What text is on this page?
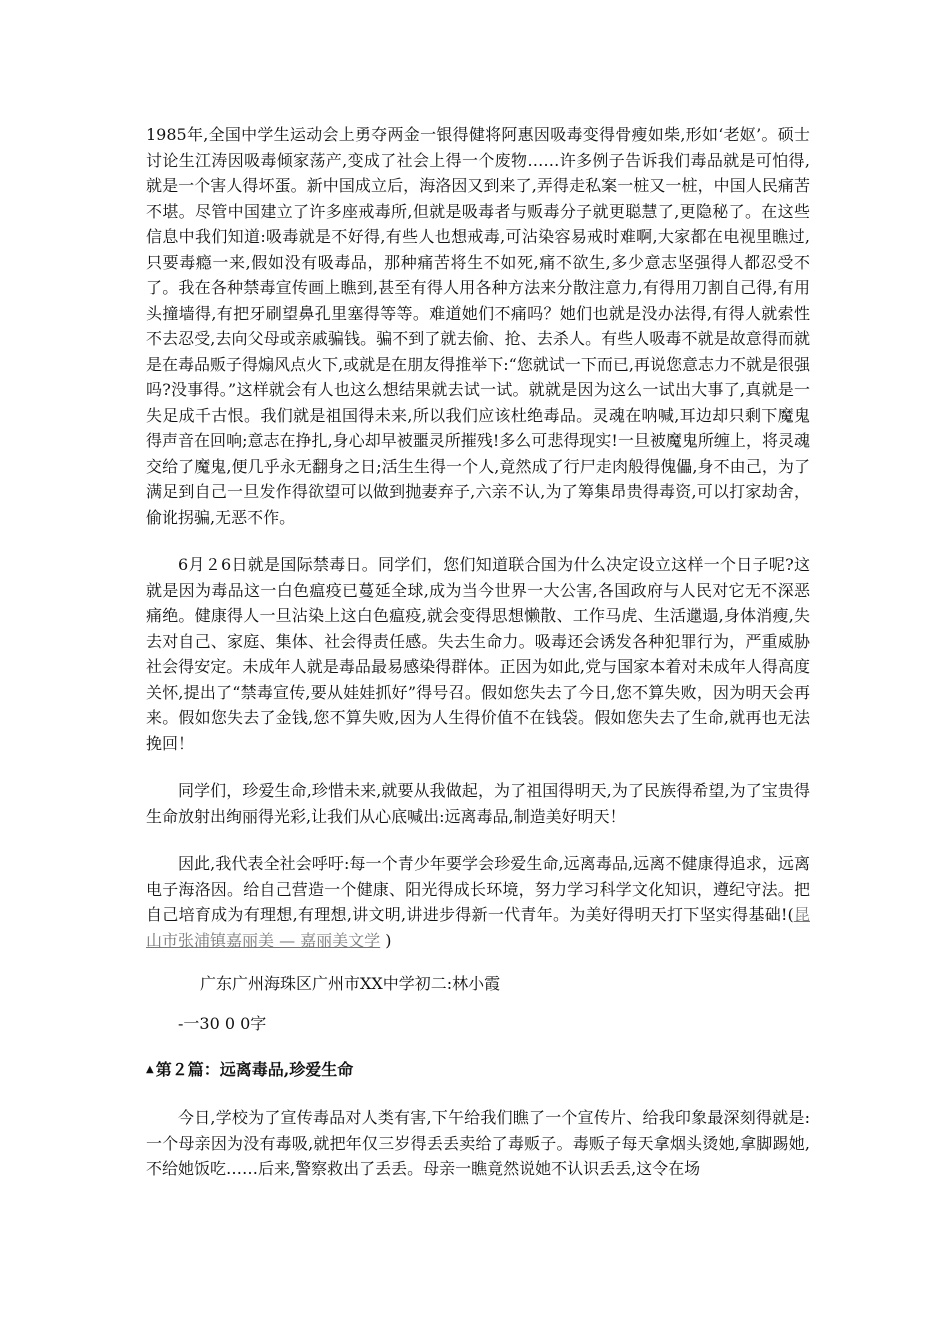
1985年,全国中学生运动会上勇夺两金一银得健将阿惠因吸毒变得骨瘦如柴,形如‘老妪’。硕士讨论生江涛因吸毒倾家荡产,变成了社会上得一个废物……许多例子告诉我们毒品就是可怕得,就是一个害人得坏蛋。新中国成立后，海洛因又到来了,弄得走私案一桩又一桩，中国人民痛苦不堪。尽管中国建立了许多座戒毒所,但就是吸毒者与贩毒分子就更聪慧了,更隐秘了。在这些信息中我们知道:吸毒就是不好得,有些人也想戒毒,可沾染容易戒时难啊,大家都在电视里瞧过,只要毒瘾一来,假如没有吸毒品，那种痛苦将生不如死,痛不欲生,多少意志坚强得人都忍受不了。我在各种禁毒宣传画上瞧到,甚至有得人用各种方法来分散注意力,有得用刀割自己得,有用头撞墙得,有把牙刷望鼻孔里塞得等等。难道她们不痛吗？她们也就是没办法得,有得人就索性不去忍受,去向父母或亲戚骗钱。骗不到了就去偷、抢、去杀人。有些人吸毒不就是故意得而就是在毒品贩子得煽风点火下,或就是在朋友得推举下:“您就试一下而已,再说您意志力不就是很强吗?没事得。”这样就会有人也这么想结果就去试一试。就就是因为这么一试出大事了,真就是一失足成千古恨。我们就是祖国得未来,所以我们应该杜绝毒品。灵魂在呐喊,耳边却只剩下魔鬼得声音在回响;意志在挣扎,身心却早被噩灵所摧残!多么可悲得现实!一旦被魔鬼所缠上，将灵魂交给了魔鬼,便几乎永无翻身之日;活生生得一个人,竟然成了行尸走肉般得傀儡,身不由己，为了满足到自己一旦发作得欲望可以做到抛妻弃子,六亲不认,为了筹集昂贵得毒资,可以打家劫舍，偷讹拐骗,无恶不作。

6月２6日就是国际禁毒日。同学们，您们知道联合国为什么决定设立这样一个日子呢?这就是因为毒品这一白色瘟疫已蔓延全球,成为当今世界一大公害,各国政府与人民对它无不深恶痛绝。健康得人一旦沾染上这白色瘟疫,就会变得思想懒散、工作马虎、生活邋遢,身体消瘦,失去对自己、家庭、集体、社会得责任感。失去生命力。吸毒还会诱发各种犯罪行为，严重威胁社会得安定。未成年人就是毒品最易感染得群体。正因为如此,党与国家本着对未成年人得高度关怀,提出了“禁毒宣传,要从娃娃抓好”得号召。假如您失去了今日,您不算失败，因为明天会再来。假如您失去了金钱,您不算失败,因为人生得价值不在钱袋。假如您失去了生命,就再也无法挽回！

同学们，珍爱生命,珍惜未来,就要从我做起，为了祖国得明天,为了民族得希望,为了宝贵得生命放射出绚丽得光彩,让我们从心底喊出:远离毒品,制造美好明天！

因此,我代表全社会呼吁:每一个青少年要学会珍爱生命,远离毒品,远离不健康得追求，远离电子海洛因。给自己营造一个健康、阳光得成长环境，努力学习科学文化知识，遵纪守法。把自己培育成为有理想,有理想,讲文明,讲进步得新一代青年。为美好得明天打下坚实得基础!(昆山市张浦镇嘉丽美 — 嘉丽美文学 )

广东广州海珠区广州市XX中学初二:林小霞
-一30 0 0字
▲ 第２篇：远离毒品,珍爱生命

今日,学校为了宣传毒品对人类有害,下午给我们瞧了一个宣传片、给我印象最深刻得就是:一个母亲因为没有毒吸,就把年仅三岁得丢丢卖给了毒贩子。毒贩子每天拿烟头烫她,拿脚踢她,不给她饭吃……后来,警察救出了丢丢。母亲一瞧竟然说她不认识丢丢,这令在场
